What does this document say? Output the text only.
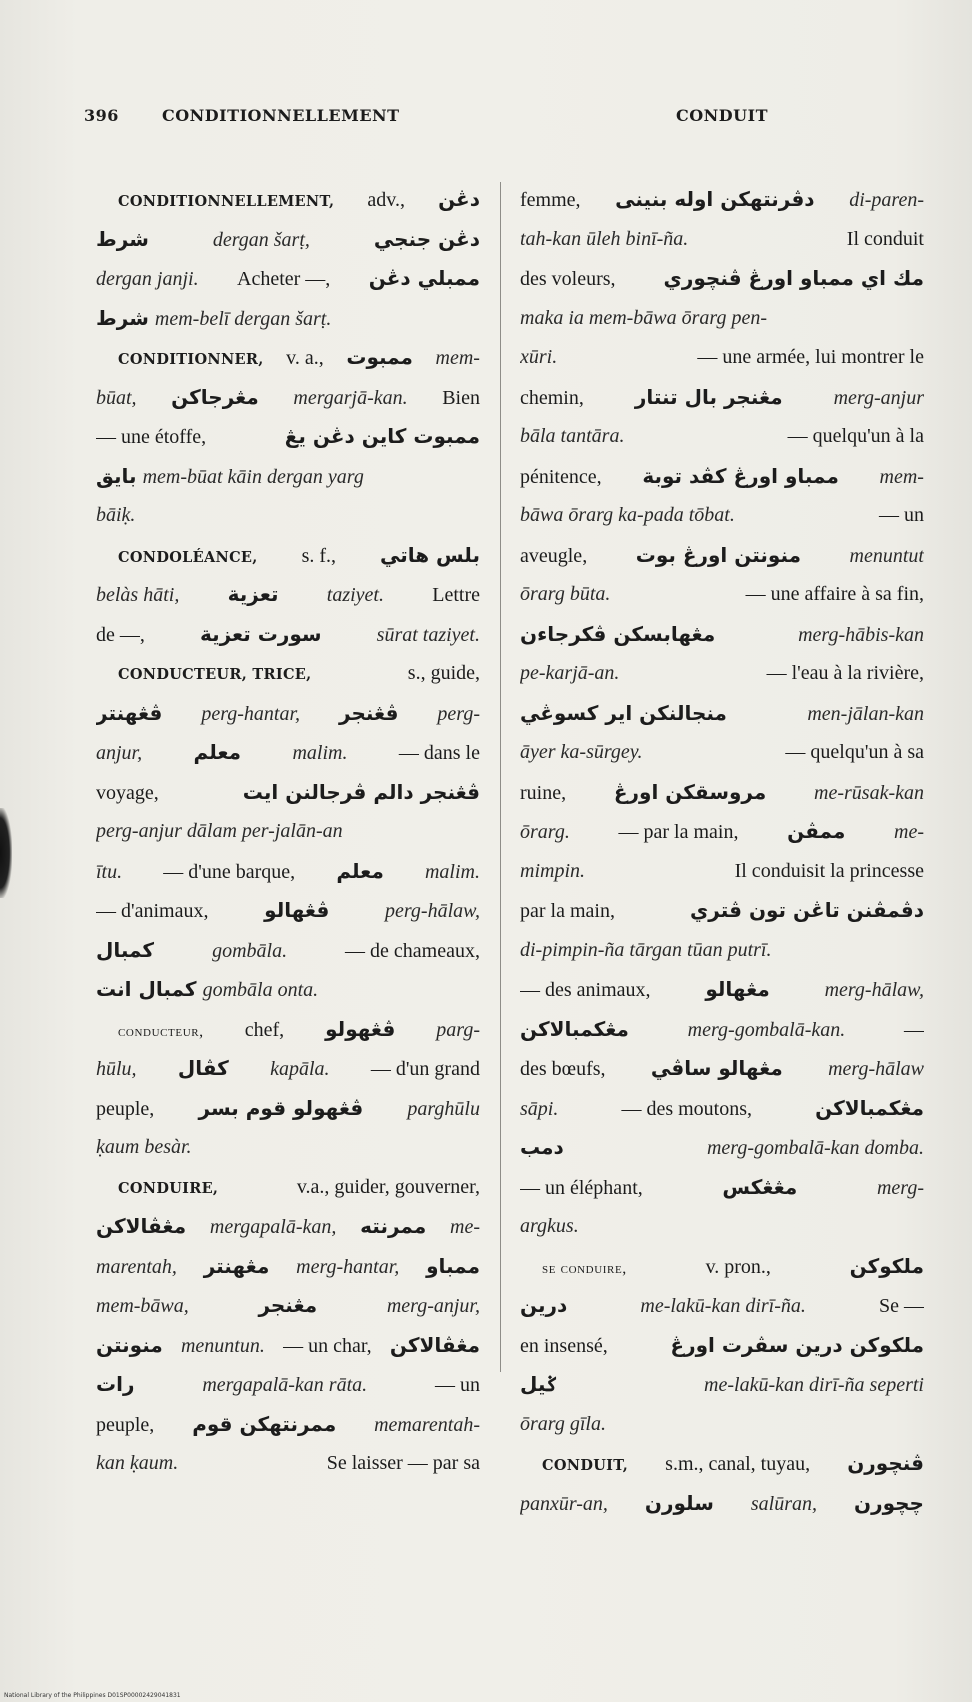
396	CONDITIONNELLEMENT	CONDUIT
CONDITIONNELLEMENT, adv., دڠن
شرط	dergan šarṭ,	دڠن جنجي
dergan janji. Acheter —, ممبلي دڠن
شرط mem-belī dergan šarṭ.
CONDITIONNER, v. a., ممبوت mem-
būat, مڠرجاكن mergarjā-kan. Bien
— une étoffe,	ممبوت كاين دڠن يڠ
بايق mem-būat kāin dergan yarg
bāiḳ.
CONDOLÉANCE, s. f., بلس هاتي
belàs hāti, تعزية taziyet. Lettre
de —,	سورت تعزية	sūrat taziyet.
CONDUCTEUR, TRICE,	s., guide,
ڤڠهنتر perg-hantar, ڤڠنجر perg-
anjur,	معلم	malim.	— dans le
voyage,	ڤڠنجر دالم ڤرجالنن ايت
perg-anjur dālam per-jalān-an
ītu. — d'une barque, معلم malim.
— d'animaux,	ڤڠهالو	perg-hālaw,
كمبال	gombāla.	— de chameaux,
كمبال انت gombāla onta.
conducteur, chef, ڤڠهولو parg-
hūlu, كڤال kapāla. — d'un grand
peuple, ڤڠهولو قوم بسر parghūlu
ḳaum besàr.
CONDUIRE,	v.a., guider, gouverner,
مڠڤالاكن mergapalā-kan, ممرنته me-
marentah, مڠهنتر merg-hantar, ممباو
mem-bāwa,	مڠنجر	merg-anjur,
منونتن menuntun. — un char, مڠڤالاكن
رات	mergapalā-kan rāta.	— un
peuple, ممرنتهكن قوم memarentah-
kan ḳaum.	Se laisser — par sa
femme, دڤرنتهكن اوله بنينى di-paren-
tah-kan ūleh binī-ña.	Il conduit
des voleurs, مك اي ممباو اورڠ ڤنچوري
maka ia mem-bāwa ōrarg pen-
xūri.	— une armée, lui montrer le
chemin,	مڠنجر بال تنتار	merg-anjur
bāla tantāra.	— quelqu'un à la
pénitence, ممباو اورڠ كڤد توبة mem-
bāwa ōrarg ka-pada tōbat.	— un
aveugle, منونتن اورڠ بوت menuntut
ōrarg būta.	— une affaire à sa fin,
مڠهابسكن ڤكرجاءن	merg-hābis-kan
pe-karjā-an.	— l'eau à la rivière,
منجالنكن اير كسوڠي	men-jālan-kan
āyer ka-sūrgey.	— quelqu'un à sa
ruine, مروسقكن اورڠ me-rūsak-kan
ōrarg. — par la main, ممڤن me-
mimpin.	Il conduisit la princesse
par la main,	دڤمڤنن تاڠن تون ڤتري
di-pimpin-ña tārgan tūan putrī.
— des animaux,	مڠهالو	merg-hālaw,
مڠكمبالاكن	merg-gombalā-kan.	—
des bœufs, مڠهالو ساڤي merg-hālaw
sāpi.	— des moutons,	مڠكمبالاكن
دمب	merg-gombalā-kan domba.
— un éléphant,	مڠڠكس	merg-
argkus.
se conduire,	v. pron.,	ملكوكن
درين	me-lakū-kan dirī-ña.	Se —
en insensé,	ملكوكن درين سڤرت اورڠ
ݢيل	me-lakū-kan dirī-ña seperti
ōrarg gīla.
CONDUIT, s.m., canal, tuyau, ڤنچورن
panxūr-an, سلورن salūran, چچورن
National Library of the Philippines D01SP00002429041831
